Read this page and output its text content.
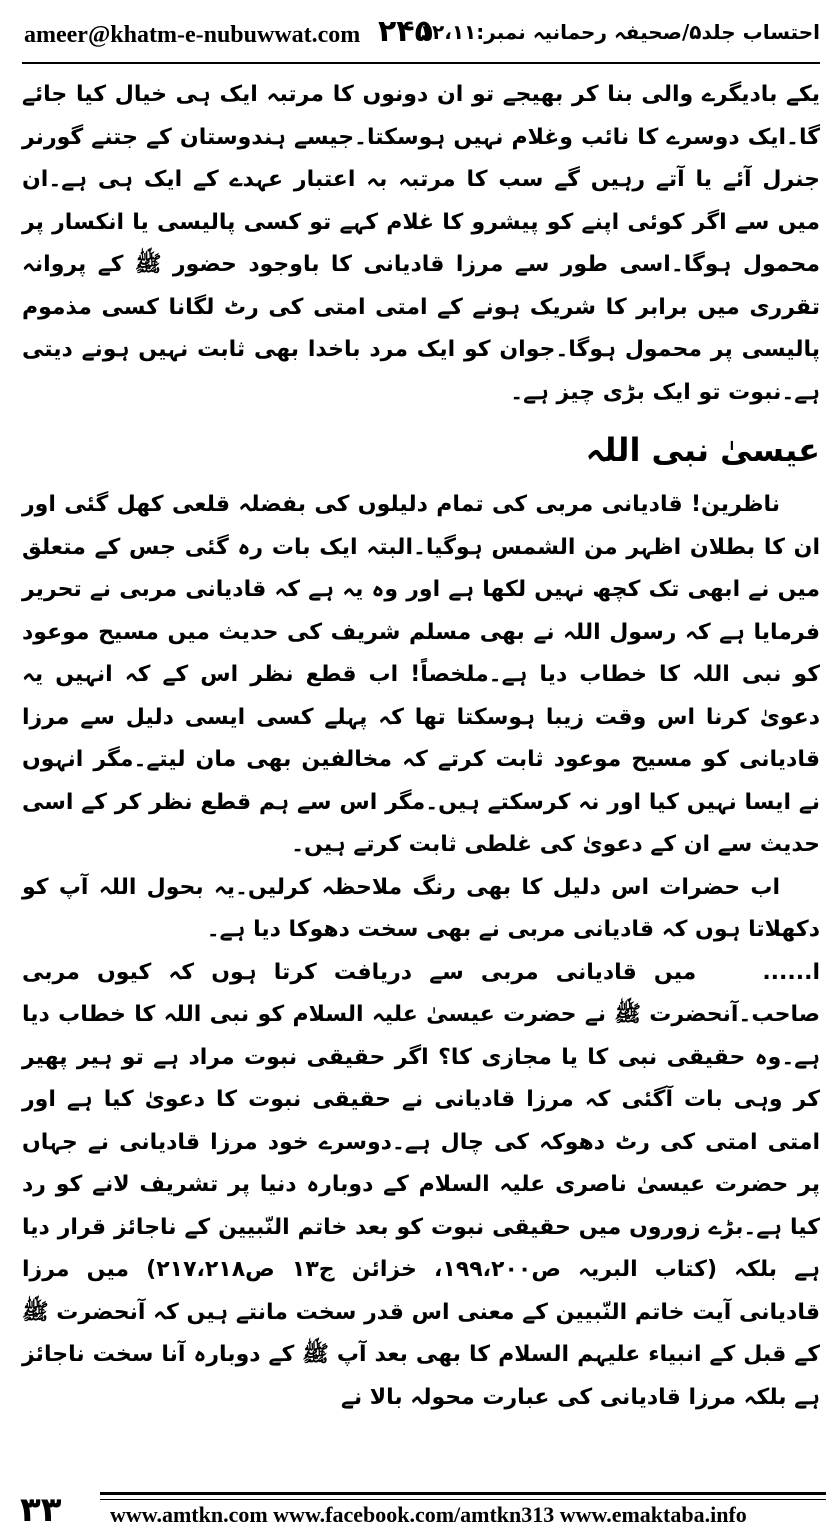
ameer@khatm-e-nubuwwat.com ۲۴۵
احتساب جلد۵/صحیفہ رحمانیہ نمبر:۱۲،۱۱

یکے بادیگرے والی بنا کر بھیجے تو ان دونوں کا مرتبہ ایک ہی خیال کیا جائے گا۔ایک دوسرے کا نائب وغلام نہیں ہوسکتا۔جیسے ہندوستان کے جتنے گورنر جنرل آئے یا آتے رہیں گے سب کا مرتبہ بہ اعتبار عہدے کے ایک ہی ہے۔ان میں سے اگر کوئی اپنے کو پیشرو کا غلام کہے تو کسی پالیسی یا انکسار پر محمول ہوگا۔اسی طور سے مرزا قادیانی کا باوجود حضور ﷺ کے پروانہ تقرری میں برابر کا شریک ہونے کے امتی امتی کی رٹ لگانا کسی مذموم پالیسی پر محمول ہوگا۔جوان کو ایک مرد باخدا بھی ثابت نہیں ہونے دیتی ہے۔نبوت تو ایک بڑی چیز ہے۔

عیسیٰ نبی اللہ

ناظرین! قادیانی مربی کی تمام دلیلوں کی بفضلہ قلعی کھل گئی اور ان کا بطلان اظہر من الشمس ہوگیا۔البتہ ایک بات رہ گئی جس کے متعلق میں نے ابھی تک کچھ نہیں لکھا ہے اور وہ یہ ہے کہ قادیانی مربی نے تحریر فرمایا ہے کہ رسول اللہ نے بھی مسلم شریف کی حدیث میں مسیح موعود کو نبی اللہ کا خطاب دیا ہے۔ملخصاً! اب قطع نظر اس کے کہ انہیں یہ دعویٰ کرنا اس وقت زیبا ہوسکتا تھا کہ پہلے کسی ایسی دلیل سے مرزا قادیانی کو مسیح موعود ثابت کرتے کہ مخالفین بھی مان لیتے۔مگر انہوں نے ایسا نہیں کیا اور نہ کرسکتے ہیں۔مگر اس سے ہم قطع نظر کر کے اسی حدیث سے ان کے دعویٰ کی غلطی ثابت کرتے ہیں۔

اب حضرات اس دلیل کا بھی رنگ ملاحظہ کرلیں۔یہ بحول اللہ آپ کو دکھلاتا ہوں کہ قادیانی مربی نے بھی سخت دھوکا دیا ہے۔

ا......   میں قادیانی مربی سے دریافت کرتا ہوں کہ کیوں مربی صاحب۔آنحضرت ﷺ نے حضرت عیسیٰ علیہ السلام کو نبی اللہ کا خطاب دیا ہے۔وہ حقیقی نبی کا یا مجازی کا؟ اگر حقیقی نبوت مراد ہے تو ہیر پھیر کر وہی بات آگئی کہ مرزا قادیانی نے حقیقی نبوت کا دعویٰ کیا ہے اور امتی امتی کی رٹ دھوکہ کی چال ہے۔دوسرے خود مرزا قادیانی نے جہاں پر حضرت عیسیٰ ناصری علیہ السلام کے دوبارہ دنیا پر تشریف لانے کو رد کیا ہے۔بڑے زوروں میں حقیقی نبوت کو بعد خاتم النّبیین کے ناجائز قرار دیا ہے بلکہ (کتاب البریہ ص۱۹۹،۲۰۰، خزائن ج۱۳ ص۲۱۷،۲۱۸) میں مرزا قادیانی آیت خاتم النّبیین کے معنی اس قدر سخت مانتے ہیں کہ آنحضرت ﷺ کے قبل کے انبیاء علیہم السلام کا بھی بعد آپ ﷺ کے دوبارہ آنا سخت ناجائز ہے بلکہ مرزا قادیانی کی عبارت محولہ بالا نے

۳۳ www.amtkn.com www.facebook.com/amtkn313 www.emaktaba.info
